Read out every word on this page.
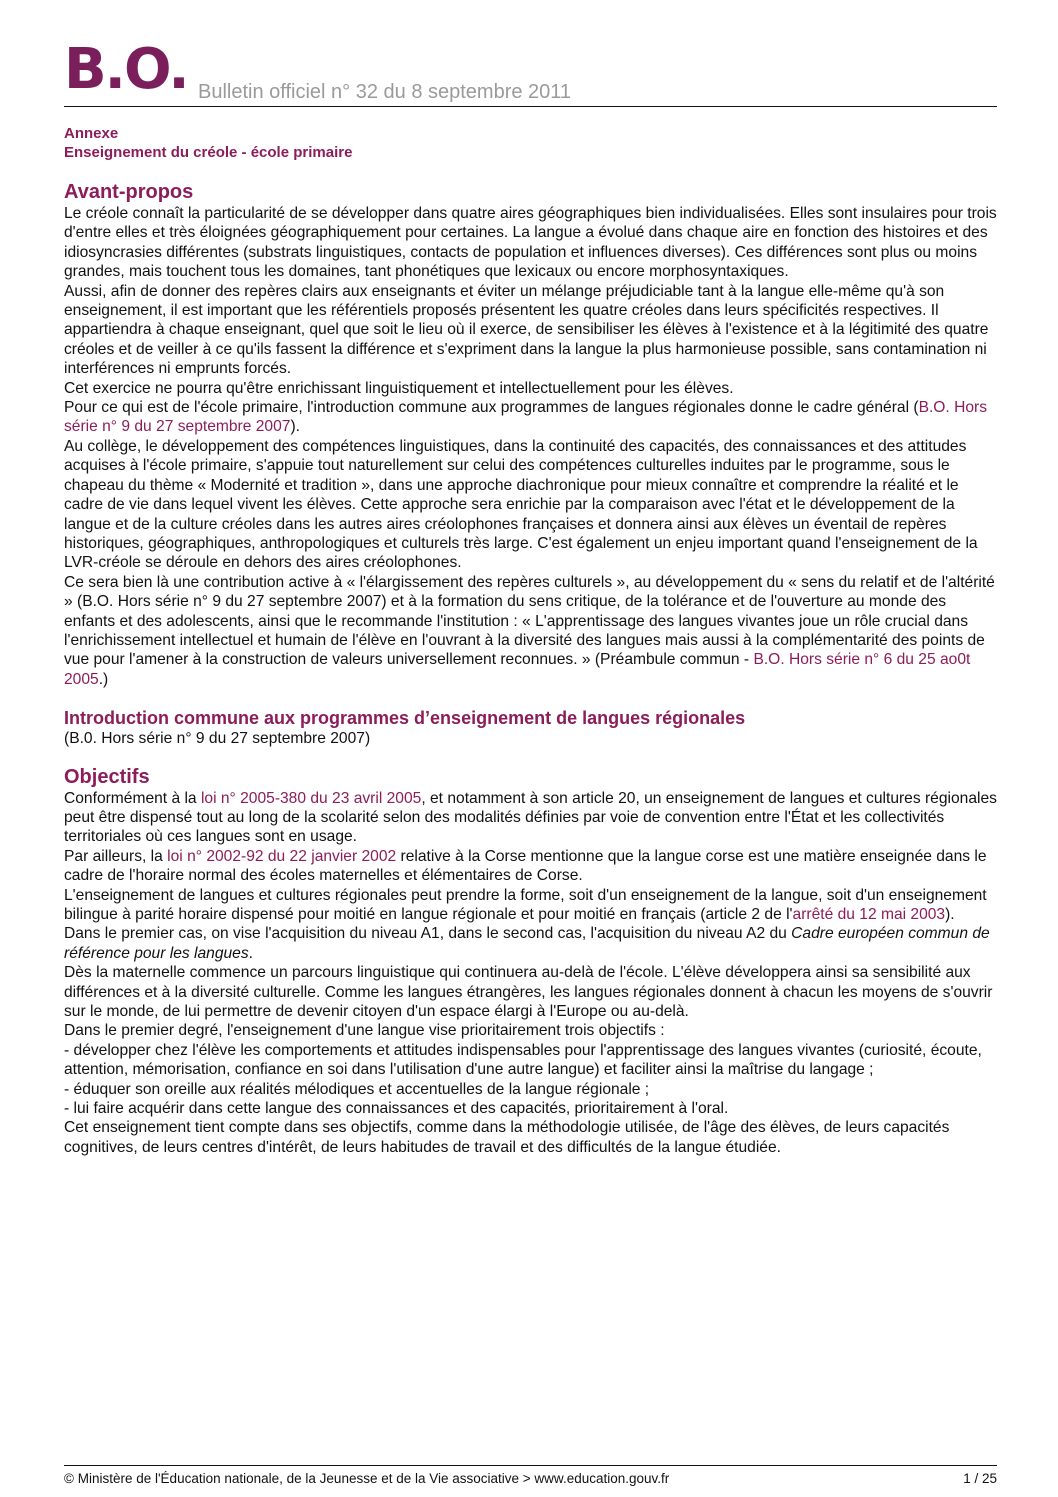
B.O. Bulletin officiel n° 32 du 8 septembre 2011
Annexe
Enseignement du créole - école primaire
Avant-propos

Le créole connaît la particularité de se développer dans quatre aires géographiques bien individualisées. Elles sont insulaires pour trois d'entre elles et très éloignées géographiquement pour certaines. La langue a évolué dans chaque aire en fonction des histoires et des idiosyncrasies différentes (substrats linguistiques, contacts de population et influences diverses). Ces différences sont plus ou moins grandes, mais touchent tous les domaines, tant phonétiques que lexicaux ou encore morphosyntaxiques.

Aussi, afin de donner des repères clairs aux enseignants et éviter un mélange préjudiciable tant à la langue elle-même qu'à son enseignement, il est important que les référentiels proposés présentent les quatre créoles dans leurs spécificités respectives. Il appartiendra à chaque enseignant, quel que soit le lieu où il exerce, de sensibiliser les élèves à l'existence et à la légitimité des quatre créoles et de veiller à ce qu'ils fassent la différence et s'expriment dans la langue la plus harmonieuse possible, sans contamination ni interférences ni emprunts forcés.

Cet exercice ne pourra qu'être enrichissant linguistiquement et intellectuellement pour les élèves.

Pour ce qui est de l'école primaire, l'introduction commune aux programmes de langues régionales donne le cadre général (B.O. Hors série n° 9 du 27 septembre 2007).

Au collège, le développement des compétences linguistiques, dans la continuité des capacités, des connaissances et des attitudes acquises à l'école primaire, s'appuie tout naturellement sur celui des compétences culturelles induites par le programme, sous le chapeau du thème « Modernité et tradition », dans une approche diachronique pour mieux connaître et comprendre la réalité et le cadre de vie dans lequel vivent les élèves. Cette approche sera enrichie par la comparaison avec l'état et le développement de la langue et de la culture créoles dans les autres aires créolophones françaises et donnera ainsi aux élèves un éventail de repères historiques, géographiques, anthropologiques et culturels très large. C'est également un enjeu important quand l'enseignement de la LVR-créole se déroule en dehors des aires créolophones.

Ce sera bien là une contribution active à « l'élargissement des repères culturels », au développement du « sens du relatif et de l'altérité » (B.O. Hors série n° 9 du 27 septembre 2007) et à la formation du sens critique, de la tolérance et de l'ouverture au monde des enfants et des adolescents, ainsi que le recommande l'institution : « L'apprentissage des langues vivantes joue un rôle crucial dans l'enrichissement intellectuel et humain de l'élève en l'ouvrant à la diversité des langues mais aussi à la complémentarité des points de vue pour l'amener à la construction de valeurs universellement reconnues. » (Préambule commun - B.O. Hors série n° 6 du 25 ao0t 2005.)

Introduction commune aux programmes d’enseignement de langues régionales

(B.0. Hors série n° 9 du 27 septembre 2007)

Objectifs

Conformément à la loi n° 2005-380 du 23 avril 2005, et notamment à son article 20, un enseignement de langues et cultures régionales peut être dispensé tout au long de la scolarité selon des modalités définies par voie de convention entre l'État et les collectivités territoriales où ces langues sont en usage.

Par ailleurs, la loi n° 2002-92 du 22 janvier 2002 relative à la Corse mentionne que la langue corse est une matière enseignée dans le cadre de l'horaire normal des écoles maternelles et élémentaires de Corse.

L'enseignement de langues et cultures régionales peut prendre la forme, soit d'un enseignement de la langue, soit d'un enseignement bilingue à parité horaire dispensé pour moitié en langue régionale et pour moitié en français (article 2 de l'arrêté du 12 mai 2003).

Dans le premier cas, on vise l'acquisition du niveau A1, dans le second cas, l'acquisition du niveau A2 du Cadre européen commun de référence pour les langues.

Dès la maternelle commence un parcours linguistique qui continuera au-delà de l'école. L'élève développera ainsi sa sensibilité aux différences et à la diversité culturelle. Comme les langues étrangères, les langues régionales donnent à chacun les moyens de s'ouvrir sur le monde, de lui permettre de devenir citoyen d'un espace élargi à l'Europe ou au-delà.

Dans le premier degré, l'enseignement d'une langue vise prioritairement trois objectifs :

- développer chez l'élève les comportements et attitudes indispensables pour l'apprentissage des langues vivantes (curiosité, écoute, attention, mémorisation, confiance en soi dans l'utilisation d'une autre langue) et faciliter ainsi la maîtrise du langage ;

- éduquer son oreille aux réalités mélodiques et accentuelles de la langue régionale ;

- lui faire acquérir dans cette langue des connaissances et des capacités, prioritairement à l'oral.

Cet enseignement tient compte dans ses objectifs, comme dans la méthodologie utilisée, de l'âge des élèves, de leurs capacités cognitives, de leurs centres d'intérêt, de leurs habitudes de travail et des difficultés de la langue étudiée.

© Ministère de l'Éducation nationale, de la Jeunesse et de la Vie associative > www.education.gouv.fr	1 / 25
